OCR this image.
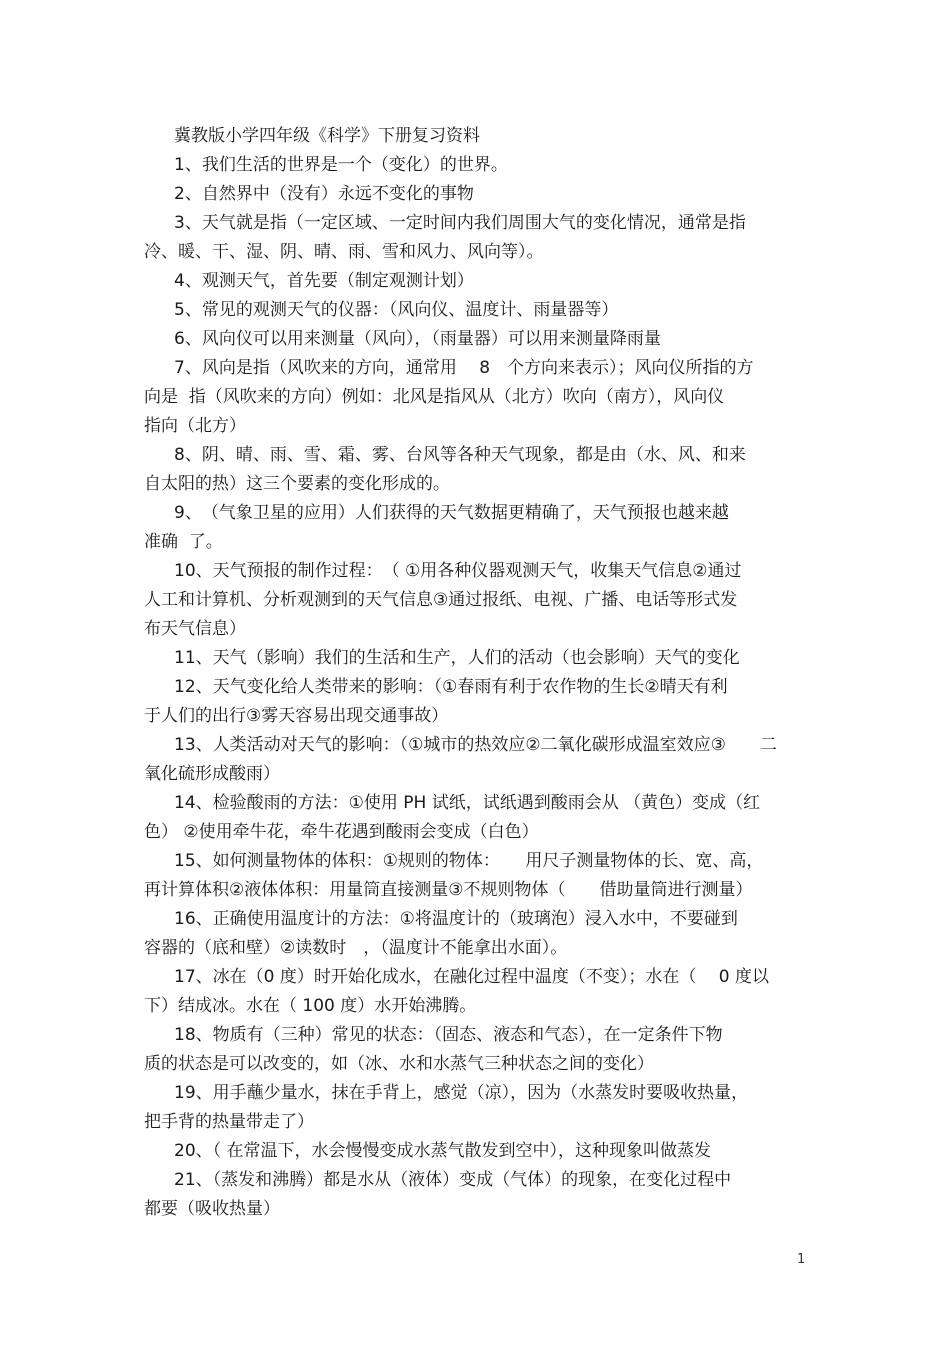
冀教版小学四年级《科学》下册复习资料
1、我们生活的世界是一个（变化）的世界。
2、自然界中（没有）永远不变化的事物
3、天气就是指（一定区域、一定时间内我们周围大气的变化情况，通常是指
冷、暖、干、湿、阴、晴、雨、雪和风力、风向等）。
4、观测天气，首先要（制定观测计划）
5、常见的观测天气的仪器：（风向仪、温度计、雨量器等）
6、风向仪可以用来测量（风向），（雨量器）可以用来测量降雨量
7、风向是指（风吹来的方向，通常用　 8　个方向来表示）；风向仪所指的方
向是  指（风吹来的方向）例如：北风是指风从（北方）吹向（南方），风向仪
指向（北方）
8、阴、晴、雨、雪、霜、雾、台风等各种天气现象，都是由（水、风、和来
自太阳的热）这三个要素的变化形成的。
9、　（气象卫星的应用）人们获得的天气数据更精确了，天气预报也越来越
准确  了。
10、天气预报的制作过程：　（ ①用各种仪器观测天气，收集天气信息②通过
人工和计算机、分析观测到的天气信息③通过报纸、电视、广播、电话等形式发
布天气信息）
11、天气（影响）我们的生活和生产，人们的活动（也会影响）天气的变化
12、天气变化给人类带来的影响：（①春雨有利于农作物的生长②晴天有利
于人们的出行③雾天容易出现交通事故）
13、人类活动对天气的影响：（①城市的热效应②二氧化碳形成温室效应③　　二
氧化硫形成酸雨）
14、检验酸雨的方法：①使用 PH 试纸，试纸遇到酸雨会从 （黄色）变成（红
色） ②使用牵牛花，牵牛花遇到酸雨会变成（白色）
15、如何测量物体的体积：①规则的物体：　　用尺子测量物体的长、宽、高，
再计算体积②液体体积：用量筒直接测量③不规则物体（　　借助量筒进行测量）
16、正确使用温度计的方法：①将温度计的（玻璃泡）浸入水中，不要碰到
容器的（底和壁）②读数时　，（温度计不能拿出水面）。
17、冰在（0 度）时开始化成水，在融化过程中温度（不变）；水在（　 0 度以
下）结成冰。水在（ 100 度）水开始沸腾。
18、物质有（三种）常见的状态：（固态、液态和气态），在一定条件下物
质的状态是可以改变的，如（冰、水和水蒸气三种状态之间的变化）
19、用手蘸少量水，抹在手背上，感觉（凉），因为（水蒸发时要吸收热量，
把手背的热量带走了）
20、（ 在常温下，水会慢慢变成水蒸气散发到空中），这种现象叫做蒸发
21、（蒸发和沸腾）都是水从（液体）变成（气体）的现象，在变化过程中
都要（吸收热量）
1
